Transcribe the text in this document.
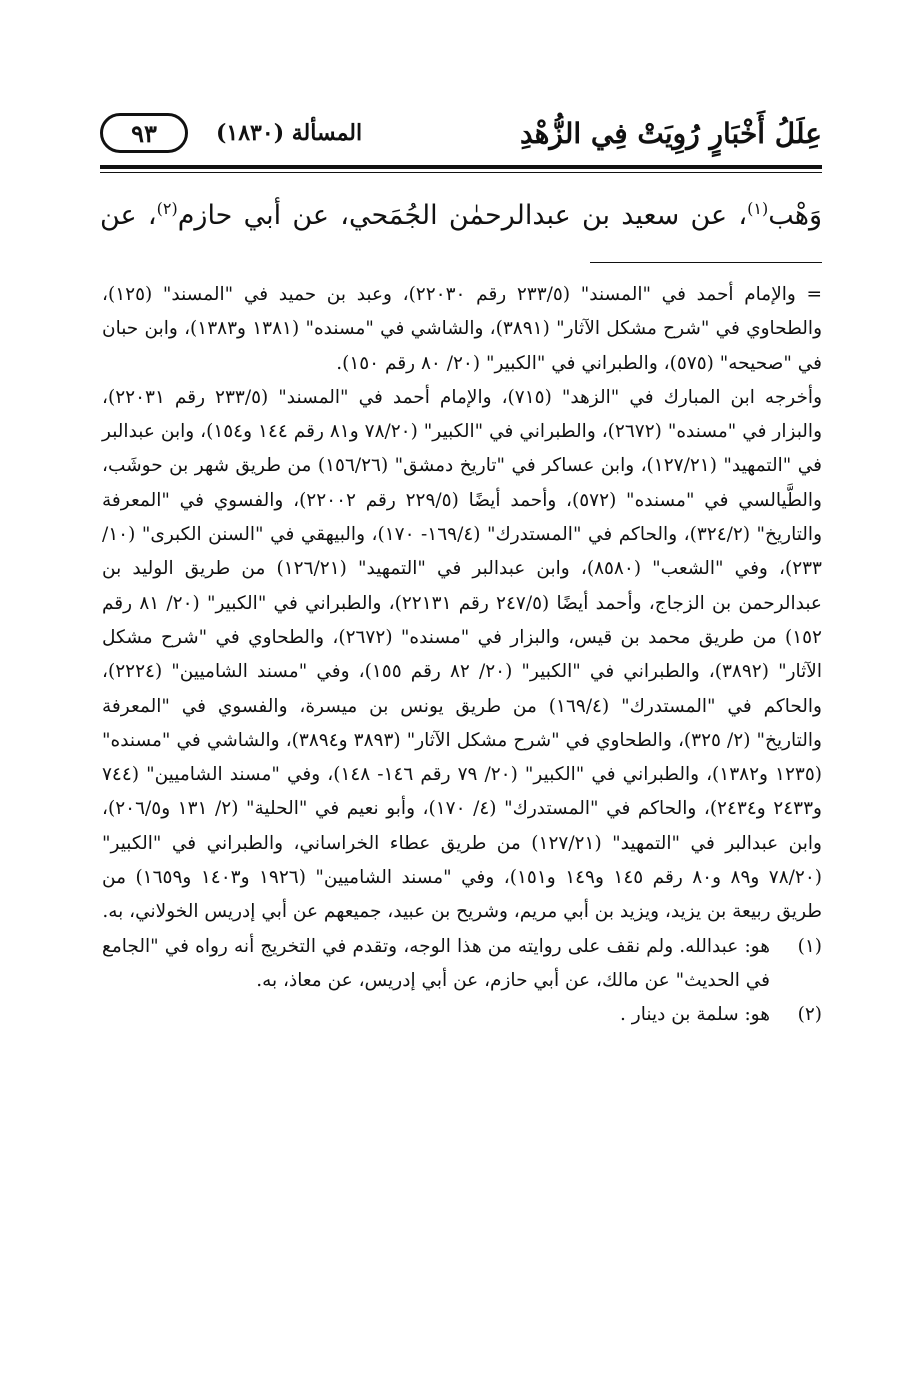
عِلَلُ أَخْبَارٍ رُوِيَتْ فِي الزُّهْدِ
المسألة (١٨٣٠)
٩٣
وَهْب$^{(١)}$، عن سعيد بن عبدالرحمٰن الجُمَحي، عن أبي حازم$^{(٢)}$، عن

= والإمام أحمد في "المسند" (٢٣٣/٥ رقم ٢٢٠٣٠)، وعبد بن حميد في "المسند" (١٢٥)، والطحاوي في "شرح مشكل الآثار" (٣٨٩١)، والشاشي في "مسنده" (١٣٨١ و١٣٨٣)، وابن حبان في "صحيحه" (٥٧٥)، والطبراني في "الكبير" (٢٠/ ٨٠ رقم ١٥٠).

وأخرجه ابن المبارك في "الزهد" (٧١٥)، والإمام أحمد في "المسند" (٢٣٣/٥ رقم ٢٢٠٣١)، والبزار في "مسنده" (٢٦٧٢)، والطبراني في "الكبير" (٧٨/٢٠ و٨١ رقم ١٤٤ و١٥٤)، وابن عبدالبر في "التمهيد" (١٢٧/٢١)، وابن عساكر في "تاريخ دمشق" (١٥٦/٢٦) من طريق شهر بن حوشَب، والطَّيالسي في "مسنده" (٥٧٢)، وأحمد أيضًا (٢٢٩/٥ رقم ٢٢٠٠٢)، والفسوي في "المعرفة والتاريخ" (٣٢٤/٢)، والحاكم في "المستدرك" (١٦٩/٤- ١٧٠)، والبيهقي في "السنن الكبرى" (١٠/ ٢٣٣)، وفي "الشعب" (٨٥٨٠)، وابن عبدالبر في "التمهيد" (١٢٦/٢١) من طريق الوليد بن عبدالرحمن بن الزجاج، وأحمد أيضًا (٢٤٧/٥ رقم ٢٢١٣١)، والطبراني في "الكبير" (٢٠/ ٨١ رقم ١٥٢) من طريق محمد بن قيس، والبزار في "مسنده" (٢٦٧٢)، والطحاوي في "شرح مشكل الآثار" (٣٨٩٢)، والطبراني في "الكبير" (٢٠/ ٨٢ رقم ١٥٥)، وفي "مسند الشاميين" (٢٢٢٤)، والحاكم في "المستدرك" (١٦٩/٤) من طريق يونس بن ميسرة، والفسوي في "المعرفة والتاريخ" (٢/ ٣٢٥)، والطحاوي في "شرح مشكل الآثار" (٣٨٩٣ و٣٨٩٤)، والشاشي في "مسنده" (١٢٣٥ و١٣٨٢)، والطبراني في "الكبير" (٢٠/ ٧٩ رقم ١٤٦- ١٤٨)، وفي "مسند الشاميين" (٧٤٤ و٢٤٣٣ و٢٤٣٤)، والحاكم في "المستدرك" (٤/ ١٧٠)، وأبو نعيم في "الحلية" (٢/ ١٣١ و٢٠٦/٥)، وابن عبدالبر في "التمهيد" (١٢٧/٢١) من طريق عطاء الخراساني، والطبراني في "الكبير" (٧٨/٢٠ و٨٩ و٨٠ رقم ١٤٥ و١٤٩ و١٥١)، وفي "مسند الشاميين" (١٩٢٦ و١٤٠٣ و١٦٥٩) من طريق ربيعة بن يزيد، ويزيد بن أبي مريم، وشريح بن عبيد، جميعهم عن أبي إدريس الخولاني، به.

(١)
هو: عبدالله. ولم نقف على روايته من هذا الوجه، وتقدم في التخريج أنه رواه في "الجامع في الحديث" عن مالك، عن أبي حازم، عن أبي إدريس، عن معاذ، به.
(٢)
هو: سلمة بن دينار .
